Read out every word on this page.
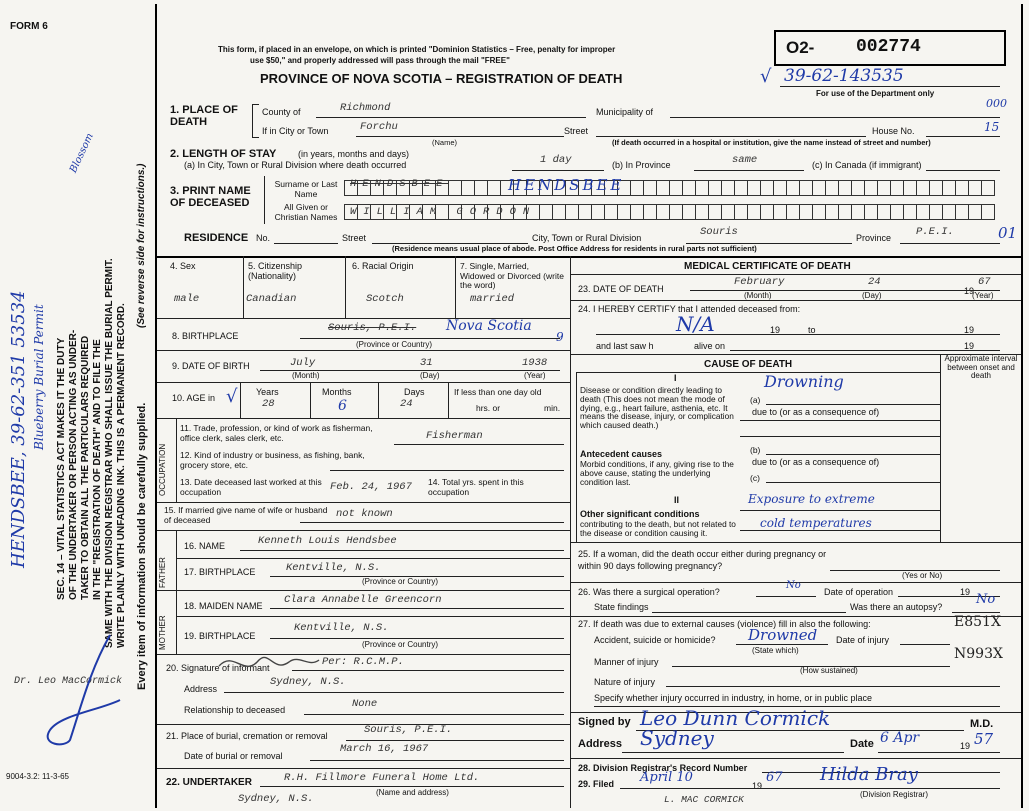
FORM 6
SEC. 14 – VITAL STATISTICS ACT MAKES IT THE DUTY OF THE UNDERTAKER OR PERSON ACTING AS UNDER- TAKER TO OBTAIN ALL THE PARTICULARS REQUIRED IN THE "REGISTRATION OF DEATH" AND TO FILE THE SAME WITH THE DIVISION REGISTRAR WHO SHALL ISSUE THE BURIAL PERMIT. WRITE PLAINLY WITH UNFADING INK. THIS IS A PERMANENT RECORD. Every item of information should be carefully supplied.
(See reverse side for instructions.)
HENDSBEE, 39-62-351 53534 Blueberry Burial Permit
Blossom
Dr. Leo MacCormick
9004-3.2: 11-3-65
This form, if placed in an envelope, on which is printed "Dominion Statistics – Free, penalty for improper
use $50," and properly addressed will pass through the mail "FREE"
PROVINCE OF NOVA SCOTIA – REGISTRATION OF DEATH
O2- 002774
√ 39-62-143535
For use of the Department only
1. PLACE OF DEATH
County of	Richmond	Municipality of
000
If in City or Town	Forchu	Street	House No.	15
(Name)	(If death occurred in a hospital or institution, give the name instead of street and number)
2. LENGTH OF STAY (in years, months and days)
(a) In City, Town or Rural Division where death occurred	1 day	(b) In Province	same	(c) In Canada (if immigrant)
3. PRINT NAME OF DECEASED
Surname or Last Name
All Given or Christian Names
HENDSBEE	HENDSBEE
WILLIAM GORDON
RESIDENCE No.	Street	City, Town or Rural Division	Souris	Province P.E.I.	01
(Residence means usual place of abode. Post Office Address for residents in rural parts not sufficient)
4. Sex
male
5. Citizenship (Nationality)
Canadian
6. Racial Origin
Scotch
7. Single, Married, Widowed or Divorced (write the word)
married
8. BIRTHPLACE
Souris, P.E.I. Nova Scotia
9
(Province or Country)
9. DATE OF BIRTH	July	31	1938
(Month)	(Day)	(Year)
10. AGE in √ Years
28
Months
6
Days
24
If less than one day old
hrs. or	min.
OCCUPATION
11. Trade, profession, or kind of work as fisherman, office clerk, sales clerk, etc.	Fisherman
12. Kind of industry or business, as fishing, bank, grocery store, etc.
13. Date deceased last worked at this occupation	Feb. 24, 1967 14. Total yrs. spent in this occupation
15. If married give name of wife or husband of deceased	not known
FATHER
16. NAME	Kenneth Louis Hendsbee
17. BIRTHPLACE	Kentville, N.S.
(Province or Country)
MOTHER
18. MAIDEN NAME Clara Annabelle Greencorn
Kentville, N.S.
19. BIRTHPLACE
(Province or Country)
20. Signature of informant	Per: R.C.M.P.
Address
Sydney, N.S.
Relationship to deceased	None
21. Place of burial, cremation or removal	Souris, P.E.I.
Date of burial or removal
March 16, 1967
22. UNDERTAKER	R.H. Fillmore Funeral Home Ltd.
Sydney, N.S.
(Name and address)
MEDICAL CERTIFICATE OF DEATH
23. DATE OF DEATH
February	24
19
67
(Month)	(Day)	(Year)
24. I HEREBY CERTIFY that I attended deceased from:
N/A	19	to	19
and last saw h	alive on	19
CAUSE OF DEATH
Approximate interval between onset and death
I
Disease or condition directly leading to death (This does not mean the mode of dying, e.g., heart failure, asthenia, etc. It means the disease, injury, or complication which caused death.)
(a)
Drowning
due to (or as a consequence of)
Antecedent causes
Morbid conditions, if any, giving rise to the above cause, stating the underlying condition last.
(b)
due to (or as a consequence of)
(c)
II
Other significant conditions
contributing to the death, but not related to the disease or condition causing it.
Exposure to extreme
cold temperatures
25. If a woman, did the death occur either during pregnancy or within 90 days following pregnancy?
(Yes or No)
26. Was there a surgical operation?
No
Date of operation	19
State findings	Was there an autopsy?	No
27. If death was due to external causes (violence) fill in also the following:	E851X
Accident, suicide or homicide? Drowned
(State which)
Date of injury
N993X
Manner of injury
(How sustained)
Nature of injury
Specify whether injury occurred in industry, in home, or in public place
Signed by Leo Dunn Cormick	M.D.
Address Sydney	Date 6 Apr	19 57
28. Division Registrar's Record Number
29. Filed April 10
19
67 Hilda Bray
(Division Registrar)
L. MAC CORMICK
